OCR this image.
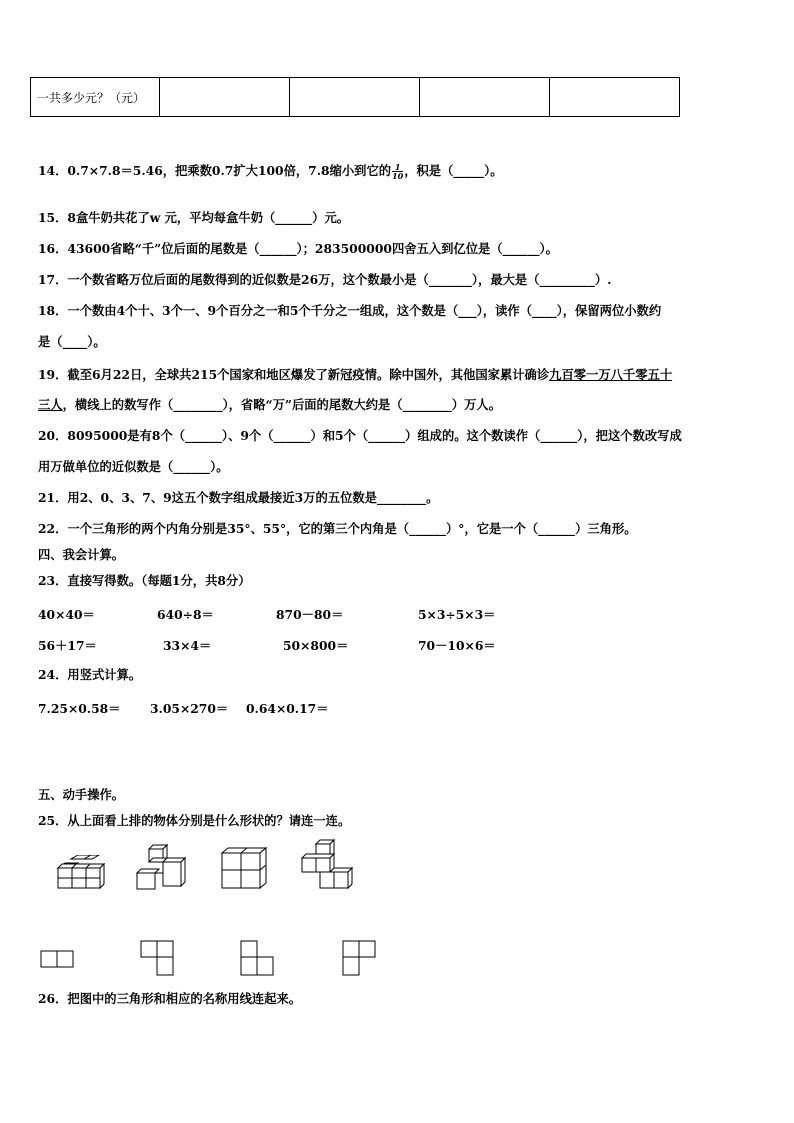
一共多少元？（元）				
14．0.7×7.8＝5.46，把乘数0.7扩大100倍，7.8缩小到它的 $\frac{1}{10}$ ，积是（_____）。
15．8盒牛奶共花了w 元，平均每盒牛奶（______）元。
16．43600省略“千”位后面的尾数是（______）；283500000四舍五入到亿位是（______）。
17．一个数省略万位后面的尾数得到的近似数是26万，这个数最小是（_______），最大是（_________）.
18．一个数由4个十、3个一、9个百分之一和5个千分之一组成，这个数是（___），读作（____），保留两位小数约
是（____）。
19．截至6月22日，全球共215个国家和地区爆发了新冠疫情。除中国外，其他国家累计确诊九百零一万八千零五十
三人，横线上的数写作（________），省略“万”后面的尾数大约是（________）万人。
20．8095000是有8个（______）、9个（______）和5个（______）组成的。这个数读作（______），把这个数改写成
用万做单位的近似数是（______）。
21．用2、0、3、7、9这五个数字组成最接近3万的五位数是________。
22．一个三角形的两个内角分别是35°、55°，它的第三个内角是（______）°，它是一个（______）三角形。
四、我会计算。
23．直接写得数。（每题1分，共8分）
40×40＝	640÷8＝	870－80＝	5×3÷5×3＝
56＋17＝	33×4＝	50×800＝	70－10×6＝
24．用竖式计算。
7.25×0.58＝ 3.05×270＝ 0.64×0.17＝
五、动手操作。
25．从上面看上排的物体分别是什么形状的？请连一连。
26．把图中的三角形和相应的名称用线连起来。
